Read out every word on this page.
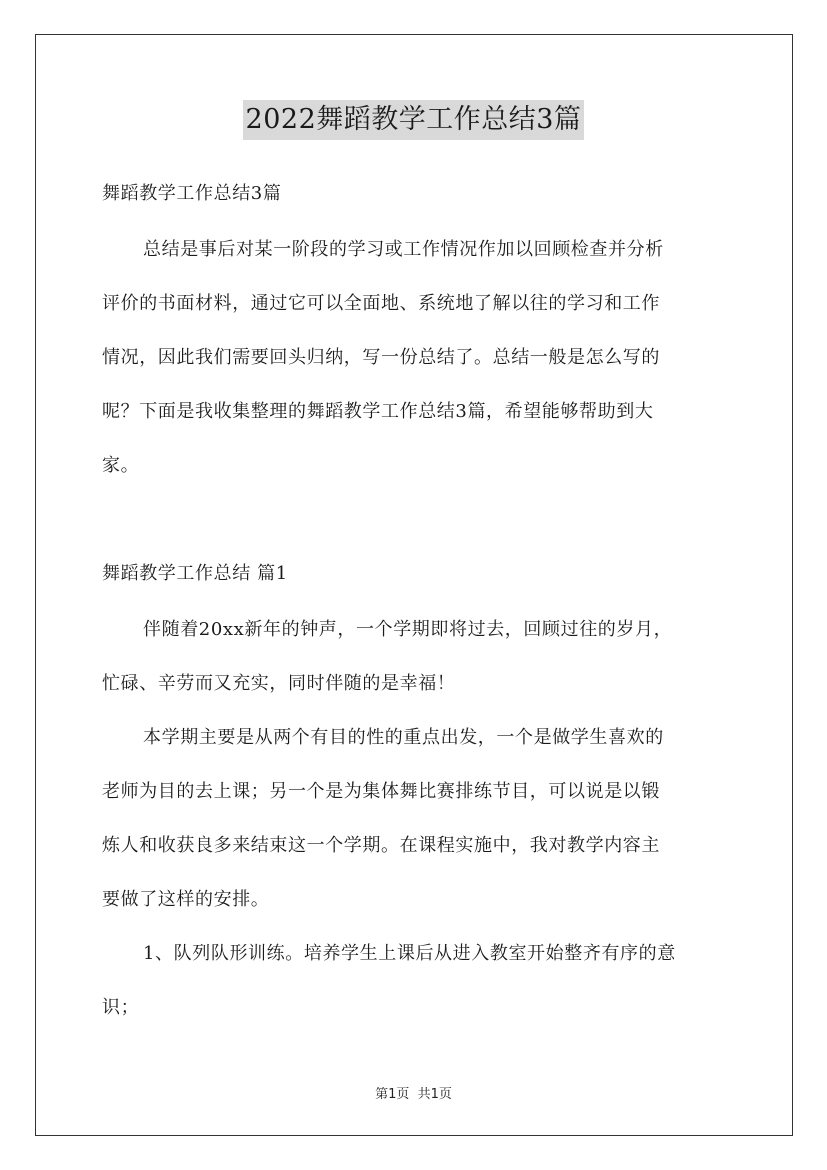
2022舞蹈教学工作总结3篇
舞蹈教学工作总结3篇
总结是事后对某一阶段的学习或工作情况作加以回顾检查并分析
评价的书面材料，通过它可以全面地、系统地了解以往的学习和工作
情况，因此我们需要回头归纳，写一份总结了。总结一般是怎么写的
呢？下面是我收集整理的舞蹈教学工作总结3篇，希望能够帮助到大
家。
舞蹈教学工作总结 篇1
伴随着20xx新年的钟声，一个学期即将过去，回顾过往的岁月，
忙碌、辛劳而又充实，同时伴随的是幸福！
本学期主要是从两个有目的性的重点出发，一个是做学生喜欢的
老师为目的去上课；另一个是为集体舞比赛排练节目，可以说是以锻
炼人和收获良多来结束这一个学期。在课程实施中，我对教学内容主
要做了这样的安排。
1、队列队形训练。培养学生上课后从进入教室开始整齐有序的意
识；
第1页 共1页
